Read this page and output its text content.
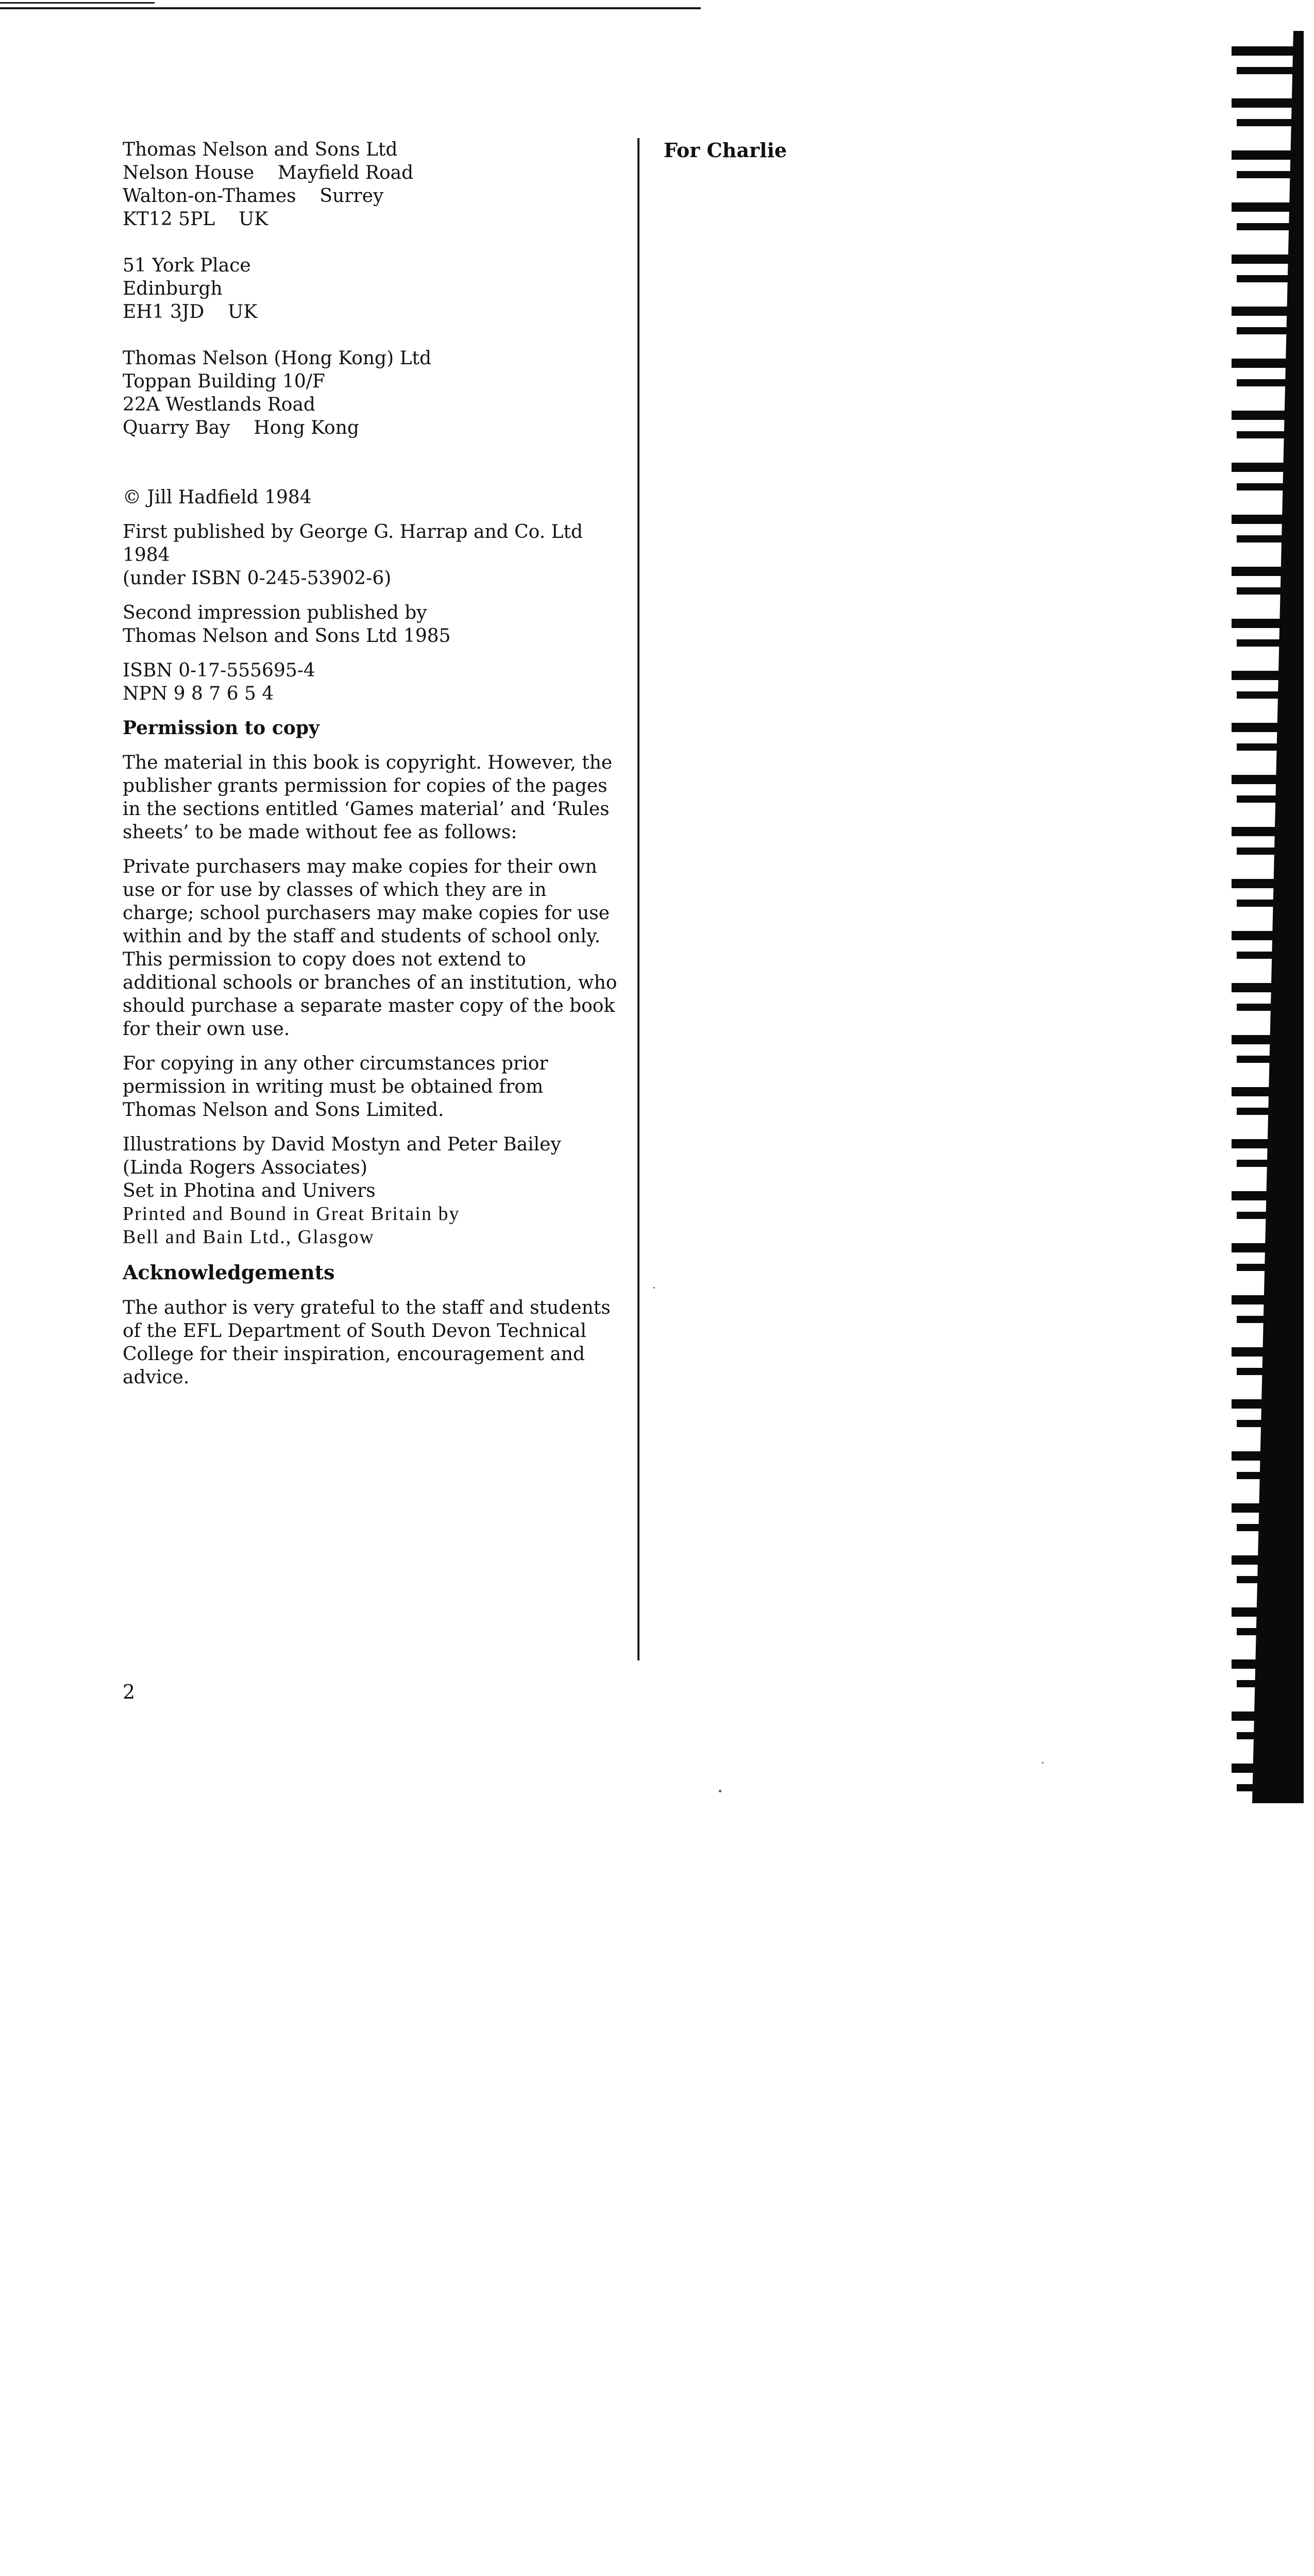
Thomas Nelson and Sons Ltd
Nelson House    Mayfield Road
Walton-on-Thames    Surrey
KT12 5PL    UK
51 York Place
Edinburgh
EH1 3JD    UK
Thomas Nelson (Hong Kong) Ltd
Toppan Building 10/F
22A Westlands Road
Quarry Bay    Hong Kong
© Jill Hadfield 1984
First published by George G. Harrap and Co. Ltd 1984
(under ISBN 0-245-53902-6)
Second impression published by
Thomas Nelson and Sons Ltd 1985
ISBN 0-17-555695-4
NPN 9 8 7 6 5 4
Permission to copy

The material in this book is copyright. However, the publisher grants permission for copies of the pages in the sections entitled ‘Games material’ and ‘Rules sheets’ to be made without fee as follows:

Private purchasers may make copies for their own use or for use by classes of which they are in charge; school purchasers may make copies for use within and by the staff and students of school only. This permission to copy does not extend to additional schools or branches of an institution, who should purchase a separate master copy of the book for their own use.

For copying in any other circumstances prior permission in writing must be obtained from Thomas Nelson and Sons Limited.

Illustrations by David Mostyn and Peter Bailey
(Linda Rogers Associates)
Set in Photina and Univers
Printed and Bound in Great Britain by
Bell and Bain Ltd., Glasgow
Acknowledgements

The author is very grateful to the staff and students of the EFL Department of South Devon Technical College for their inspiration, encouragement and advice.

For Charlie
2
